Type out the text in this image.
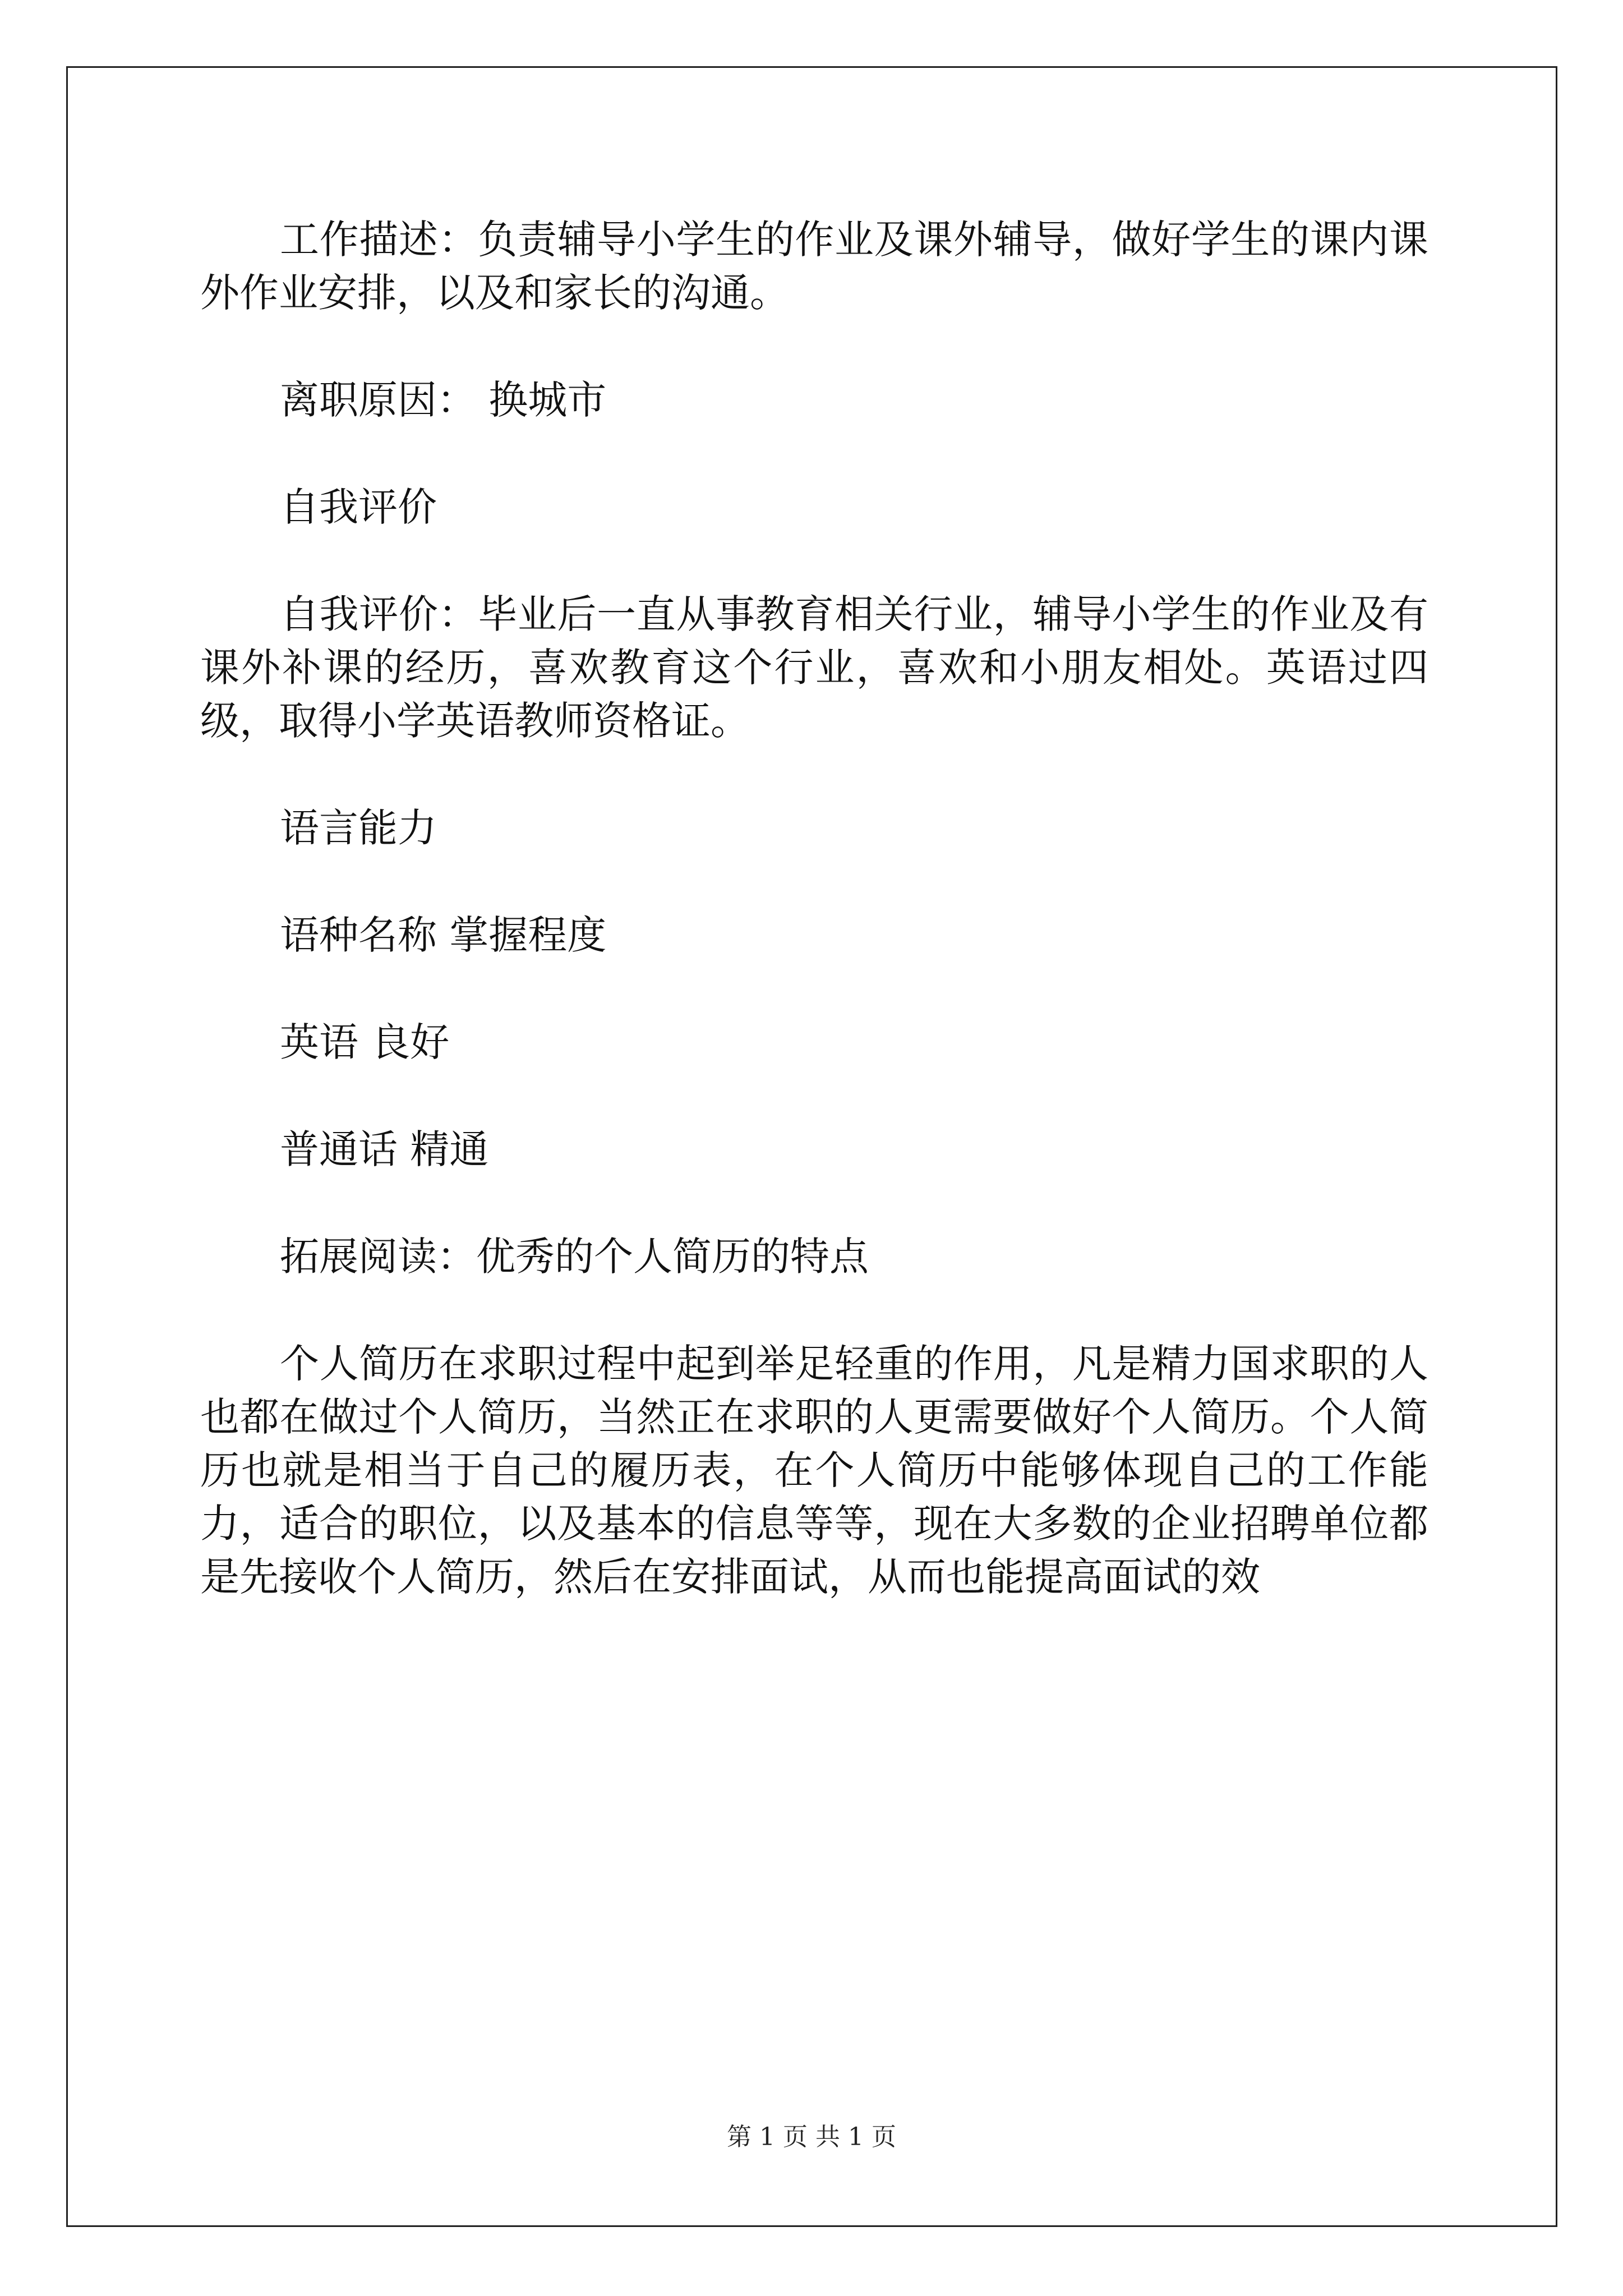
工作描述：负责辅导小学生的作业及课外辅导，做好学生的课内课外作业安排，以及和家长的沟通。

离职原因： 换城市

自我评价

自我评价：毕业后一直从事教育相关行业，辅导小学生的作业及有课外补课的经历，喜欢教育这个行业，喜欢和小朋友相处。英语过四级，取得小学英语教师资格证。

语言能力

语种名称 掌握程度

英语 良好

普通话 精通

拓展阅读：优秀的个人简历的特点

个人简历在求职过程中起到举足轻重的作用，凡是精力国求职的人也都在做过个人简历，当然正在求职的人更需要做好个人简历。个人简历也就是相当于自己的履历表，在个人简历中能够体现自己的工作能力，适合的职位，以及基本的信息等等，现在大多数的企业招聘单位都是先接收个人简历，然后在安排面试，从而也能提高面试的效

第 1 页 共 1 页
